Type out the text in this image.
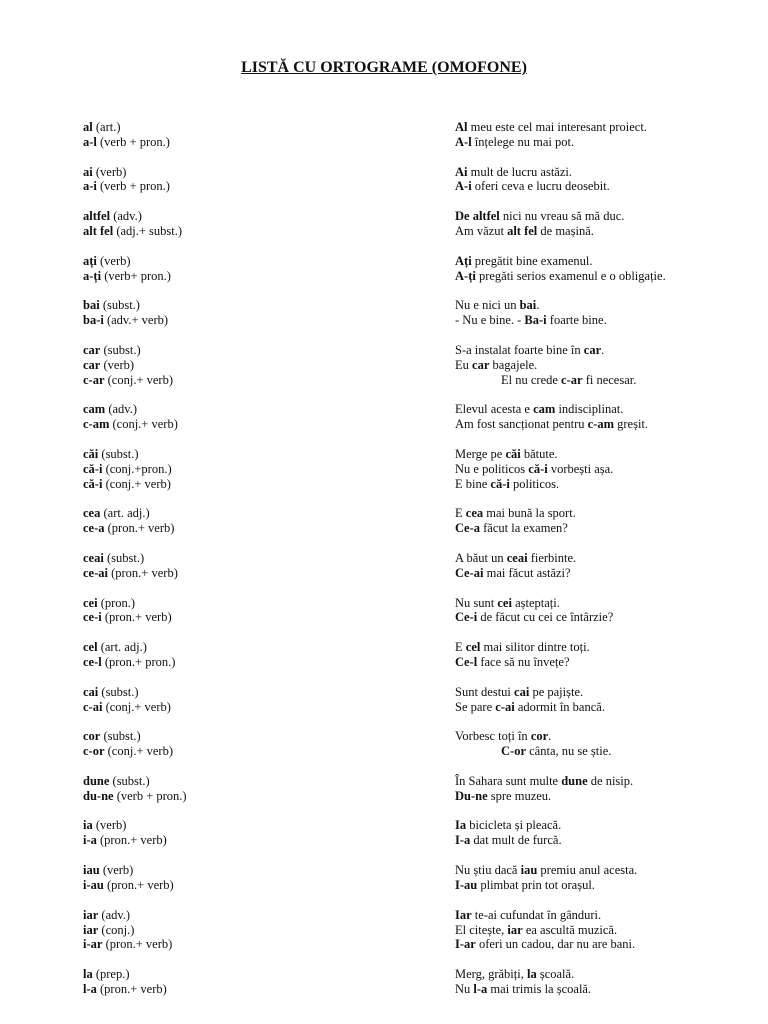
LISTĂ CU ORTOGRAME (OMOFONE)
al (art.)	Al meu este cel mai interesant proiect.
a-l (verb + pron.)	A-l înțelege nu mai pot.
ai (verb)	Ai mult de lucru astăzi.
a-i (verb + pron.)	A-i oferi ceva e lucru deosebit.
altfel (adv.)	De altfel nici nu vreau să mă duc.
alt fel (adj.+ subst.)	Am văzut alt fel de mașină.
ați (verb)	Ați pregătit bine examenul.
a-ți (verb+ pron.)	A-ți pregăti serios examenul e o obligație.
bai (subst.)	Nu e nici un bai.
ba-i (adv.+ verb)	- Nu e bine. - Ba-i foarte bine.
car (subst.)	S-a instalat foarte bine în car.
car (verb)	Eu car bagajele.
c-ar (conj.+ verb)	El nu crede c-ar fi necesar.
cam (adv.)	Elevul acesta e cam indisciplinat.
c-am (conj.+ verb)	Am fost sancționat pentru c-am greșit.
căi (subst.)	Merge pe căi bătute.
că-i (conj.+pron.)	Nu e politicos că-i vorbești așa.
că-i (conj.+ verb)	E bine că-i politicos.
cea (art. adj.)	E cea mai bună la sport.
ce-a (pron.+ verb)	Ce-a făcut la examen?
ceai (subst.)	A băut un ceai fierbinte.
ce-ai (pron.+ verb)	Ce-ai mai făcut astăzi?
cei (pron.)	Nu sunt cei așteptați.
ce-i (pron.+ verb)	Ce-i de făcut cu cei ce întârzie?
cel (art. adj.)	E cel mai silitor dintre toți.
ce-l (pron.+ pron.)	Ce-l face să nu învețe?
cai (subst.)	Sunt destui cai pe pajiște.
c-ai (conj.+ verb)	Se pare c-ai adormit în bancă.
cor (subst.)	Vorbesc toți în cor.
c-or (conj.+ verb)	C-or cânta, nu se știe.
dune (subst.)	În Sahara sunt multe dune de nisip.
du-ne (verb + pron.)	Du-ne spre muzeu.
ia (verb)	Ia bicicleta și pleacă.
i-a (pron.+ verb)	I-a dat mult de furcă.
iau (verb)	Nu știu dacă iau premiu anul acesta.
i-au (pron.+ verb)	I-au plimbat prin tot orașul.
iar (adv.)	Iar te-ai cufundat în gânduri.
iar (conj.)	El citește, iar ea ascultă muzică.
i-ar (pron.+ verb)	I-ar oferi un cadou, dar nu are bani.
la (prep.)	Merg, grăbiți, la școală.
l-a (pron.+ verb)	Nu l-a mai trimis la școală.
